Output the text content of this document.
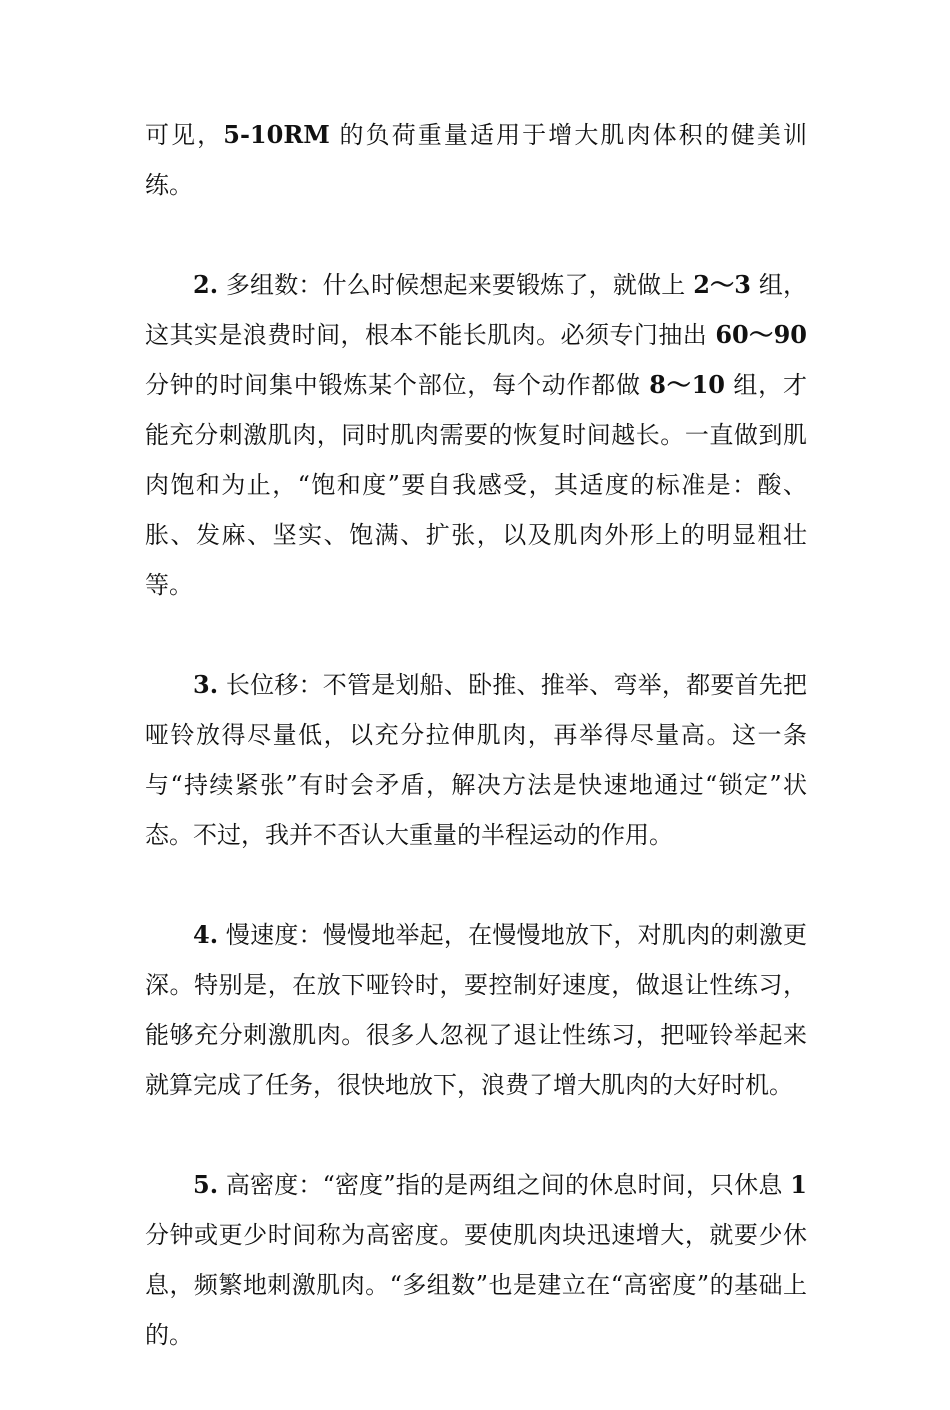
可见，5-10RM 的负荷重量适用于增大肌肉体积的健美训练。

2. 多组数：什么时候想起来要锻炼了，就做上 2～3 组，这其实是浪费时间，根本不能长肌肉。必须专门抽出 60～90 分钟的时间集中锻炼某个部位，每个动作都做 8～10 组，才能充分刺激肌肉，同时肌肉需要的恢复时间越长。一直做到肌肉饱和为止，“饱和度”要自我感受，其适度的标准是：酸、胀、发麻、坚实、饱满、扩张，以及肌肉外形上的明显粗壮等。

3. 长位移：不管是划船、卧推、推举、弯举，都要首先把哑铃放得尽量低，以充分拉伸肌肉，再举得尽量高。这一条与“持续紧张”有时会矛盾，解决方法是快速地通过“锁定”状态。不过，我并不否认大重量的半程运动的作用。

4. 慢速度：慢慢地举起，在慢慢地放下，对肌肉的刺激更深。特别是，在放下哑铃时，要控制好速度，做退让性练习，能够充分刺激肌肉。很多人忽视了退让性练习，把哑铃举起来就算完成了任务，很快地放下，浪费了增大肌肉的大好时机。

5. 高密度：“密度”指的是两组之间的休息时间，只休息 1 分钟或更少时间称为高密度。要使肌肉块迅速增大，就要少休息，频繁地刺激肌肉。“多组数”也是建立在“高密度”的基础上的。
